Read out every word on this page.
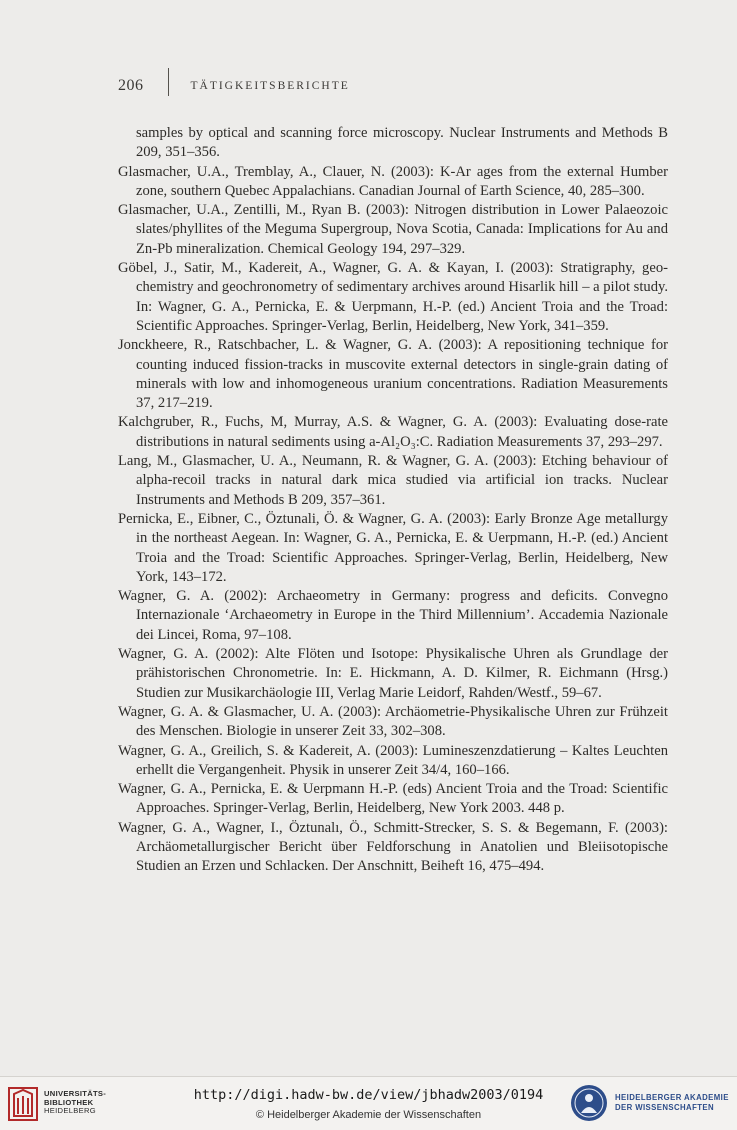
206	TÄTIGKEITSBERICHTE

samples by optical and scanning force microscopy. Nuclear Instruments and Methods B 209, 351–356.

Glasmacher, U.A., Tremblay, A., Clauer, N. (2003): K-Ar ages from the external Humber zone, southern Quebec Appalachians. Canadian Journal of Earth Science, 40, 285–300.

Glasmacher, U.A., Zentilli, M., Ryan B. (2003): Nitrogen distribution in Lower Palaeozoic slates/phyllites of the Meguma Supergroup, Nova Scotia, Canada: Implications for Au and Zn-Pb mineralization. Chemical Geology 194, 297–329.

Göbel, J., Satir, M., Kadereit, A., Wagner, G. A. & Kayan, I. (2003): Stratigraphy, geochemistry and geochronometry of sedimentary archives around Hisarlik hill – a pilot study. In: Wagner, G. A., Pernicka, E. & Uerpmann, H.-P. (ed.) Ancient Troia and the Troad: Scientific Approaches. Springer-Verlag, Berlin, Heidelberg, New York, 341–359.

Jonckheere, R., Ratschbacher, L. & Wagner, G. A. (2003): A repositioning technique for counting induced fission-tracks in muscovite external detectors in single-grain dating of minerals with low and inhomogeneous uranium concentrations. Radiation Measurements 37, 217–219.

Kalchgruber, R., Fuchs, M, Murray, A.S. & Wagner, G. A. (2003): Evaluating dose-rate distributions in natural sediments using a-Al₂O₃:C. Radiation Measurements 37, 293–297.

Lang, M., Glasmacher, U. A., Neumann, R. & Wagner, G. A. (2003): Etching behaviour of alpha-recoil tracks in natural dark mica studied via artificial ion tracks. Nuclear Instruments and Methods B 209, 357–361.

Pernicka, E., Eibner, C., Öztunali, Ö. & Wagner, G. A. (2003): Early Bronze Age metallurgy in the northeast Aegean. In: Wagner, G. A., Pernicka, E. & Uerpmann, H.-P. (ed.) Ancient Troia and the Troad: Scientific Approaches. Springer-Verlag, Berlin, Heidelberg, New York, 143–172.

Wagner, G. A. (2002): Archaeometry in Germany: progress and deficits. Convegno Internazionale ‘Archaeometry in Europe in the Third Millennium’. Accademia Nazionale dei Lincei, Roma, 97–108.

Wagner, G. A. (2002): Alte Flöten und Isotope: Physikalische Uhren als Grundlage der prähistorischen Chronometrie. In: E. Hickmann, A. D. Kilmer, R. Eichmann (Hrsg.) Studien zur Musikarchäologie III, Verlag Marie Leidorf, Rahden/Westf., 59–67.

Wagner, G. A. & Glasmacher, U. A. (2003): Archäometrie-Physikalische Uhren zur Frühzeit des Menschen. Biologie in unserer Zeit 33, 302–308.

Wagner, G. A., Greilich, S. & Kadereit, A. (2003): Lumineszenzdatierung – Kaltes Leuchten erhellt die Vergangenheit. Physik in unserer Zeit 34/4, 160–166.

Wagner, G. A., Pernicka, E. & Uerpmann H.-P. (eds) Ancient Troia and the Troad: Scientific Approaches. Springer-Verlag, Berlin, Heidelberg, New York 2003. 448 p.

Wagner, G. A., Wagner, I., Öztunalı, Ö., Schmitt-Strecker, S. S. & Begemann, F. (2003): Archäometallurgischer Bericht über Feldforschung in Anatolien und Bleiisotopische Studien an Erzen und Schlacken. Der Anschnitt, Beiheft 16, 475–494.

UNIVERSITÄTS-
BIBLIOTHEK
HEIDELBERG
http://digi.hadw-bw.de/view/jbhadw2003/0194
© Heidelberger Akademie der Wissenschaften
HEIDELBERGER AKADEMIE
DER WISSENSCHAFTEN
